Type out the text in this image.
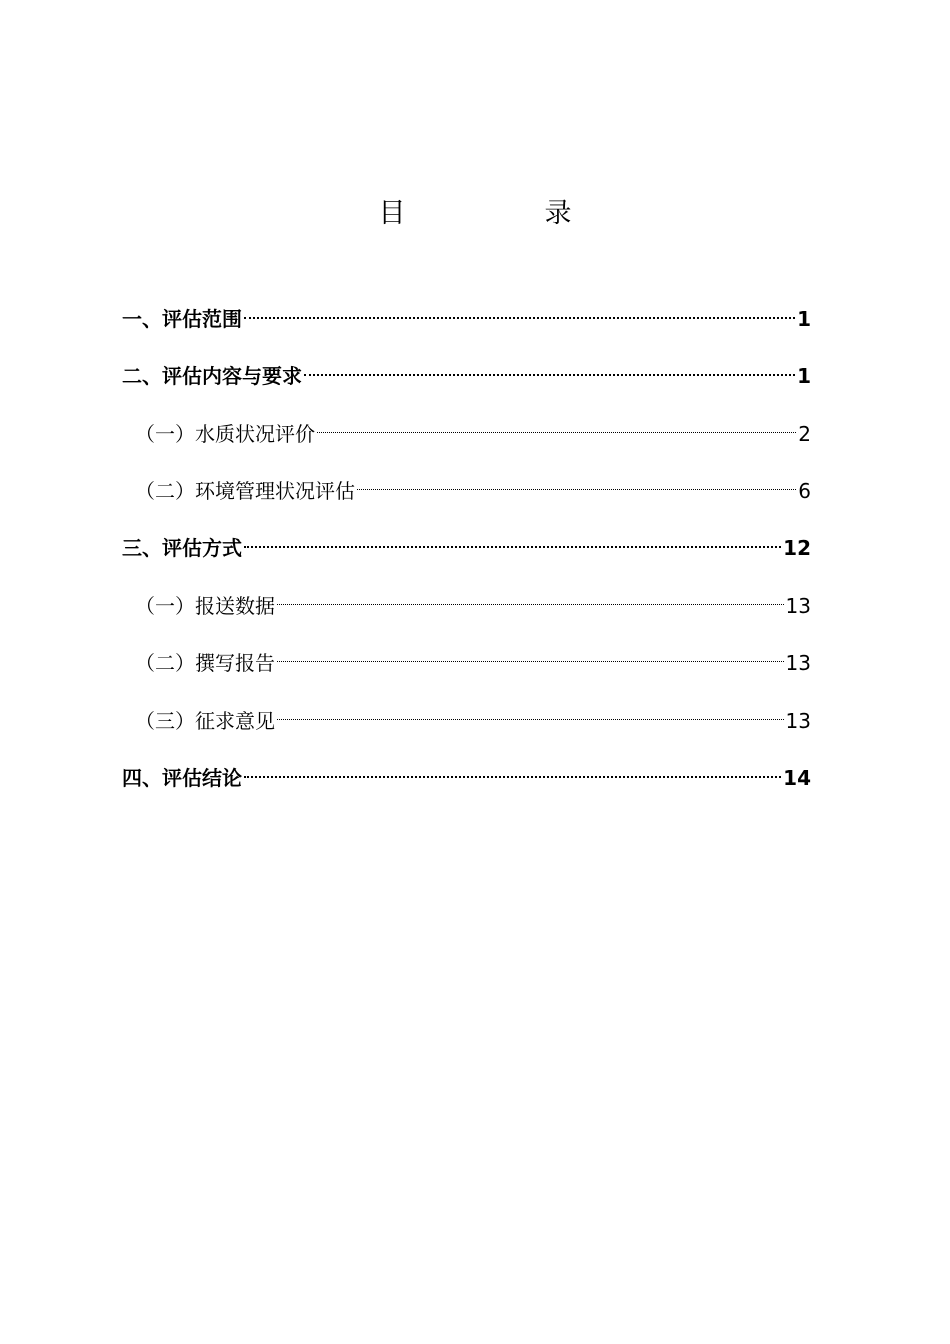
目　录
一、评估范围	1
二、评估内容与要求	1
（一）水质状况评价	2
（二）环境管理状况评估	6
三、评估方式	12
（一）报送数据	13
（二）撰写报告	13
（三）征求意见	13
四、评估结论	14
